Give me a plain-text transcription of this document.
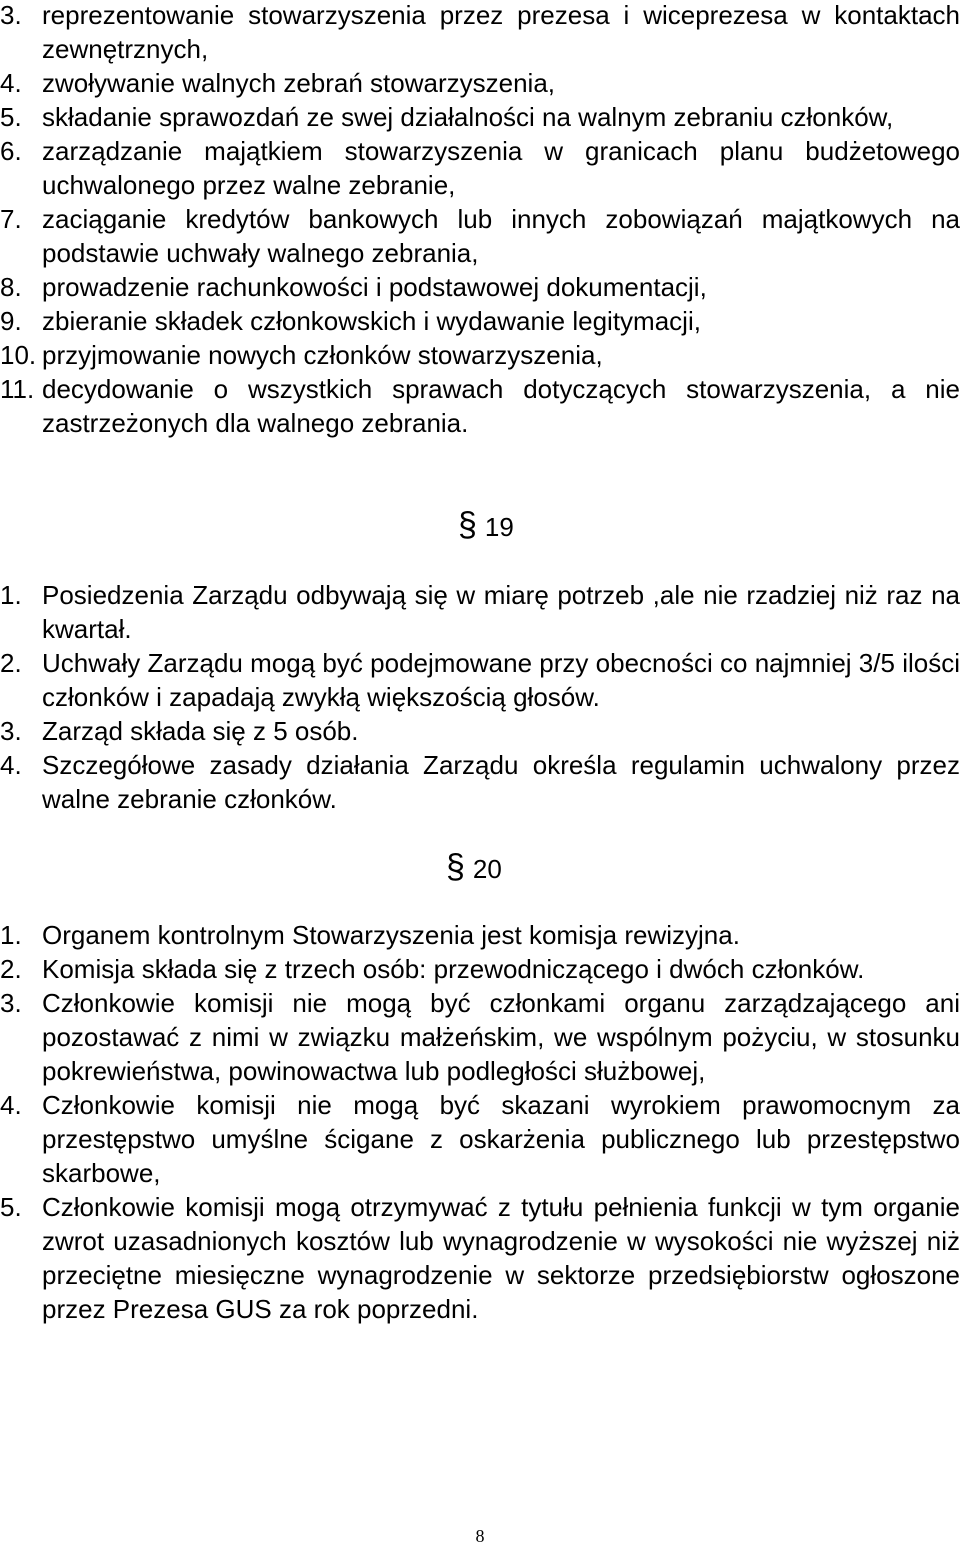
3. reprezentowanie stowarzyszenia przez prezesa i wiceprezesa w kontaktach zewnętrznych,
4. zwoływanie walnych zebrań stowarzyszenia,
5. składanie sprawozdań ze swej działalności na walnym zebraniu członków,
6. zarządzanie majątkiem stowarzyszenia w granicach planu budżetowego uchwalonego przez walne zebranie,
7. zaciąganie kredytów bankowych lub innych zobowiązań majątkowych na podstawie uchwały walnego zebrania,
8. prowadzenie rachunkowości i podstawowej dokumentacji,
9. zbieranie składek członkowskich i wydawanie legitymacji,
10. przyjmowanie nowych członków stowarzyszenia,
11. decydowanie o wszystkich sprawach dotyczących stowarzyszenia, a nie zastrzeżonych dla walnego zebrania.
§ 19
1. Posiedzenia Zarządu odbywają się w miarę potrzeb ,ale nie rzadziej niż raz na kwartał.
2. Uchwały Zarządu mogą być podejmowane przy obecności co najmniej 3/5 ilości członków i zapadają zwykłą większością głosów.
3. Zarząd składa się z 5 osób.
4. Szczegółowe zasady działania Zarządu określa regulamin uchwalony przez walne zebranie członków.
§ 20
1. Organem kontrolnym Stowarzyszenia jest komisja rewizyjna.
2. Komisja składa się z trzech osób: przewodniczącego i dwóch członków.
3. Członkowie komisji nie mogą być członkami organu zarządzającego ani pozostawać z nimi w związku małżeńskim, we wspólnym pożyciu, w stosunku pokrewieństwa, powinowactwa lub podległości służbowej,
4. Członkowie komisji nie mogą być skazani wyrokiem prawomocnym za przestępstwo umyślne ścigane z oskarżenia publicznego lub przestępstwo skarbowe,
5. Członkowie komisji mogą otrzymywać z tytułu pełnienia funkcji w tym organie zwrot uzasadnionych kosztów lub wynagrodzenie w wysokości nie wyższej niż przeciętne miesięczne wynagrodzenie w sektorze przedsiębiorstw ogłoszone przez Prezesa GUS za rok poprzedni.
8
